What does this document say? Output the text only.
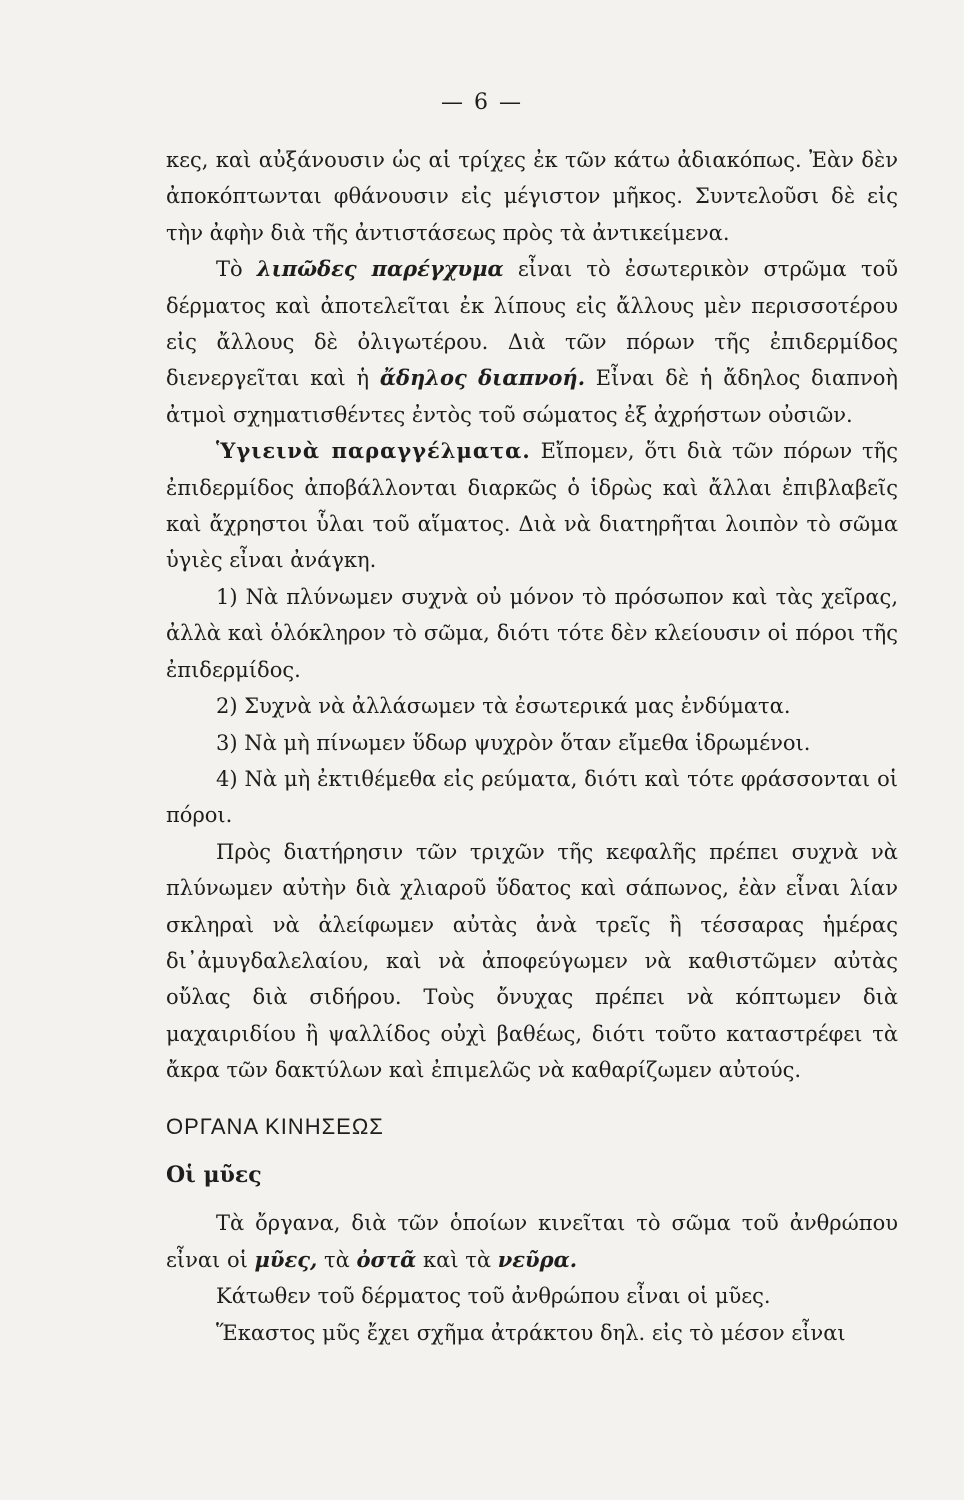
— 6 —

κες, καὶ αὐξάνουσιν ὡς αἱ τρίχες ἐκ τῶν κάτω ἀδιακόπως. Ἐὰν δὲν ἀποκόπτωνται φθάνουσιν εἰς μέγιστον μῆκος. Συντελοῦσι δὲ εἰς τὴν ἀφὴν διὰ τῆς ἀντιστάσεως πρὸς τὰ ἀντικείμενα.

Τὸ λιπῶδες παρέγχυμα εἶναι τὸ ἐσωτερικὸν στρῶμα τοῦ δέρματος καὶ ἀποτελεῖται ἐκ λίπους εἰς ἄλλους μὲν περισσοτέρου εἰς ἄλλους δὲ ὀλιγωτέρου. Διὰ τῶν πόρων τῆς ἐπιδερμίδος διενεργεῖται καὶ ἡ ἄδηλος διαπνοή. Εἶναι δὲ ἡ ἄδηλος διαπνοὴ ἀτμοὶ σχηματισθέντες ἐντὸς τοῦ σώματος ἐξ ἀχρήστων οὐσιῶν.

Ὑγιεινὰ παραγγέλματα. Εἴπομεν, ὅτι διὰ τῶν πόρων τῆς ἐπιδερμίδος ἀποβάλλονται διαρκῶς ὁ ἱδρὼς καὶ ἄλλαι ἐπιβλαβεῖς καὶ ἄχρηστοι ὗλαι τοῦ αἵματος. Διὰ νὰ διατηρῆται λοιπὸν τὸ σῶμα ὑγιὲς εἶναι ἀνάγκη.

1) Νὰ πλύνωμεν συχνὰ οὐ μόνον τὸ πρόσωπον καὶ τὰς χεῖρας, ἀλλὰ καὶ ὁλόκληρον τὸ σῶμα, διότι τότε δὲν κλείουσιν οἱ πόροι τῆς ἐπιδερμίδος.

2) Συχνὰ νὰ ἀλλάσωμεν τὰ ἐσωτερικά μας ἐνδύματα.

3) Νὰ μὴ πίνωμεν ὕδωρ ψυχρὸν ὅταν εἴμεθα ἱδρωμένοι.

4) Νὰ μὴ ἐκτιθέμεθα εἰς ρεύματα, διότι καὶ τότε φράσσονται οἱ πόροι.

Πρὸς διατήρησιν τῶν τριχῶν τῆς κεφαλῆς πρέπει συχνὰ νὰ πλύνωμεν αὐτὴν διὰ χλιαροῦ ὕδατος καὶ σάπωνος, ἐὰν εἶναι λίαν σκληραὶ νὰ ἀλείφωμεν αὐτὰς ἀνὰ τρεῖς ἢ τέσσαρας ἡμέρας δι᾽ἀμυγδαλελαίου, καὶ νὰ ἀποφεύγωμεν νὰ καθιστῶμεν αὐτὰς οὔλας διὰ σιδήρου. Τοὺς ὄνυχας πρέπει νὰ κόπτωμεν διὰ μαχαιριδίου ἢ ψαλλίδος οὐχὶ βαθέως, διότι τοῦτο καταστρέφει τὰ ἄκρα τῶν δακτύλων καὶ ἐπιμελῶς νὰ καθαρίζωμεν αὐτούς.

ΟΡΓΑΝΑ ΚΙΝΗΣΕΩΣ

Οἱ μῦες

Τὰ ὄργανα, διὰ τῶν ὁποίων κινεῖται τὸ σῶμα τοῦ ἀνθρώπου εἶναι οἱ μῦες, τὰ ὀστᾶ καὶ τὰ νεῦρα.

Κάτωθεν τοῦ δέρματος τοῦ ἀνθρώπου εἶναι οἱ μῦες.

Ἕκαστος μῦς ἔχει σχῆμα ἀτράκτου δηλ. εἰς τὸ μέσον εἶναι
